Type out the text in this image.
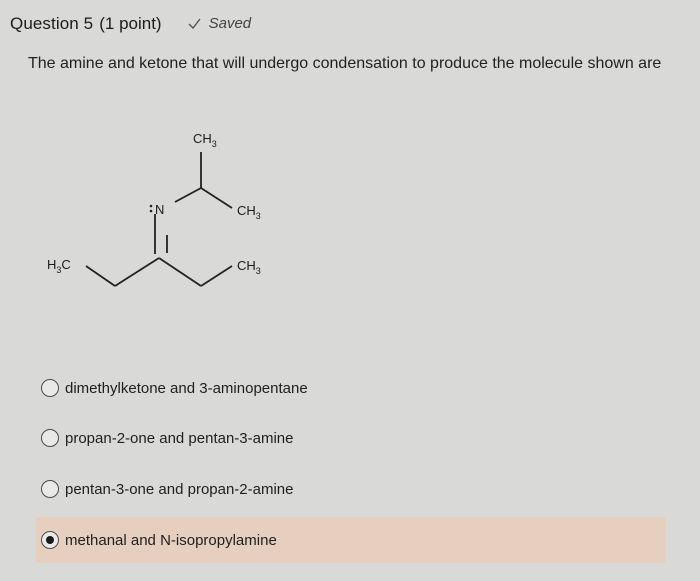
Question 5 (1 point)	Saved
The amine and ketone that will undergo condensation to produce the molecule shown are
$CH_3$
N	$CH_3$
$CH_3$
$H_3C$
dimethylketone and 3-aminopentane
propan-2-one and pentan-3-amine
pentan-3-one and propan-2-amine
methanal and N-isopropylamine
